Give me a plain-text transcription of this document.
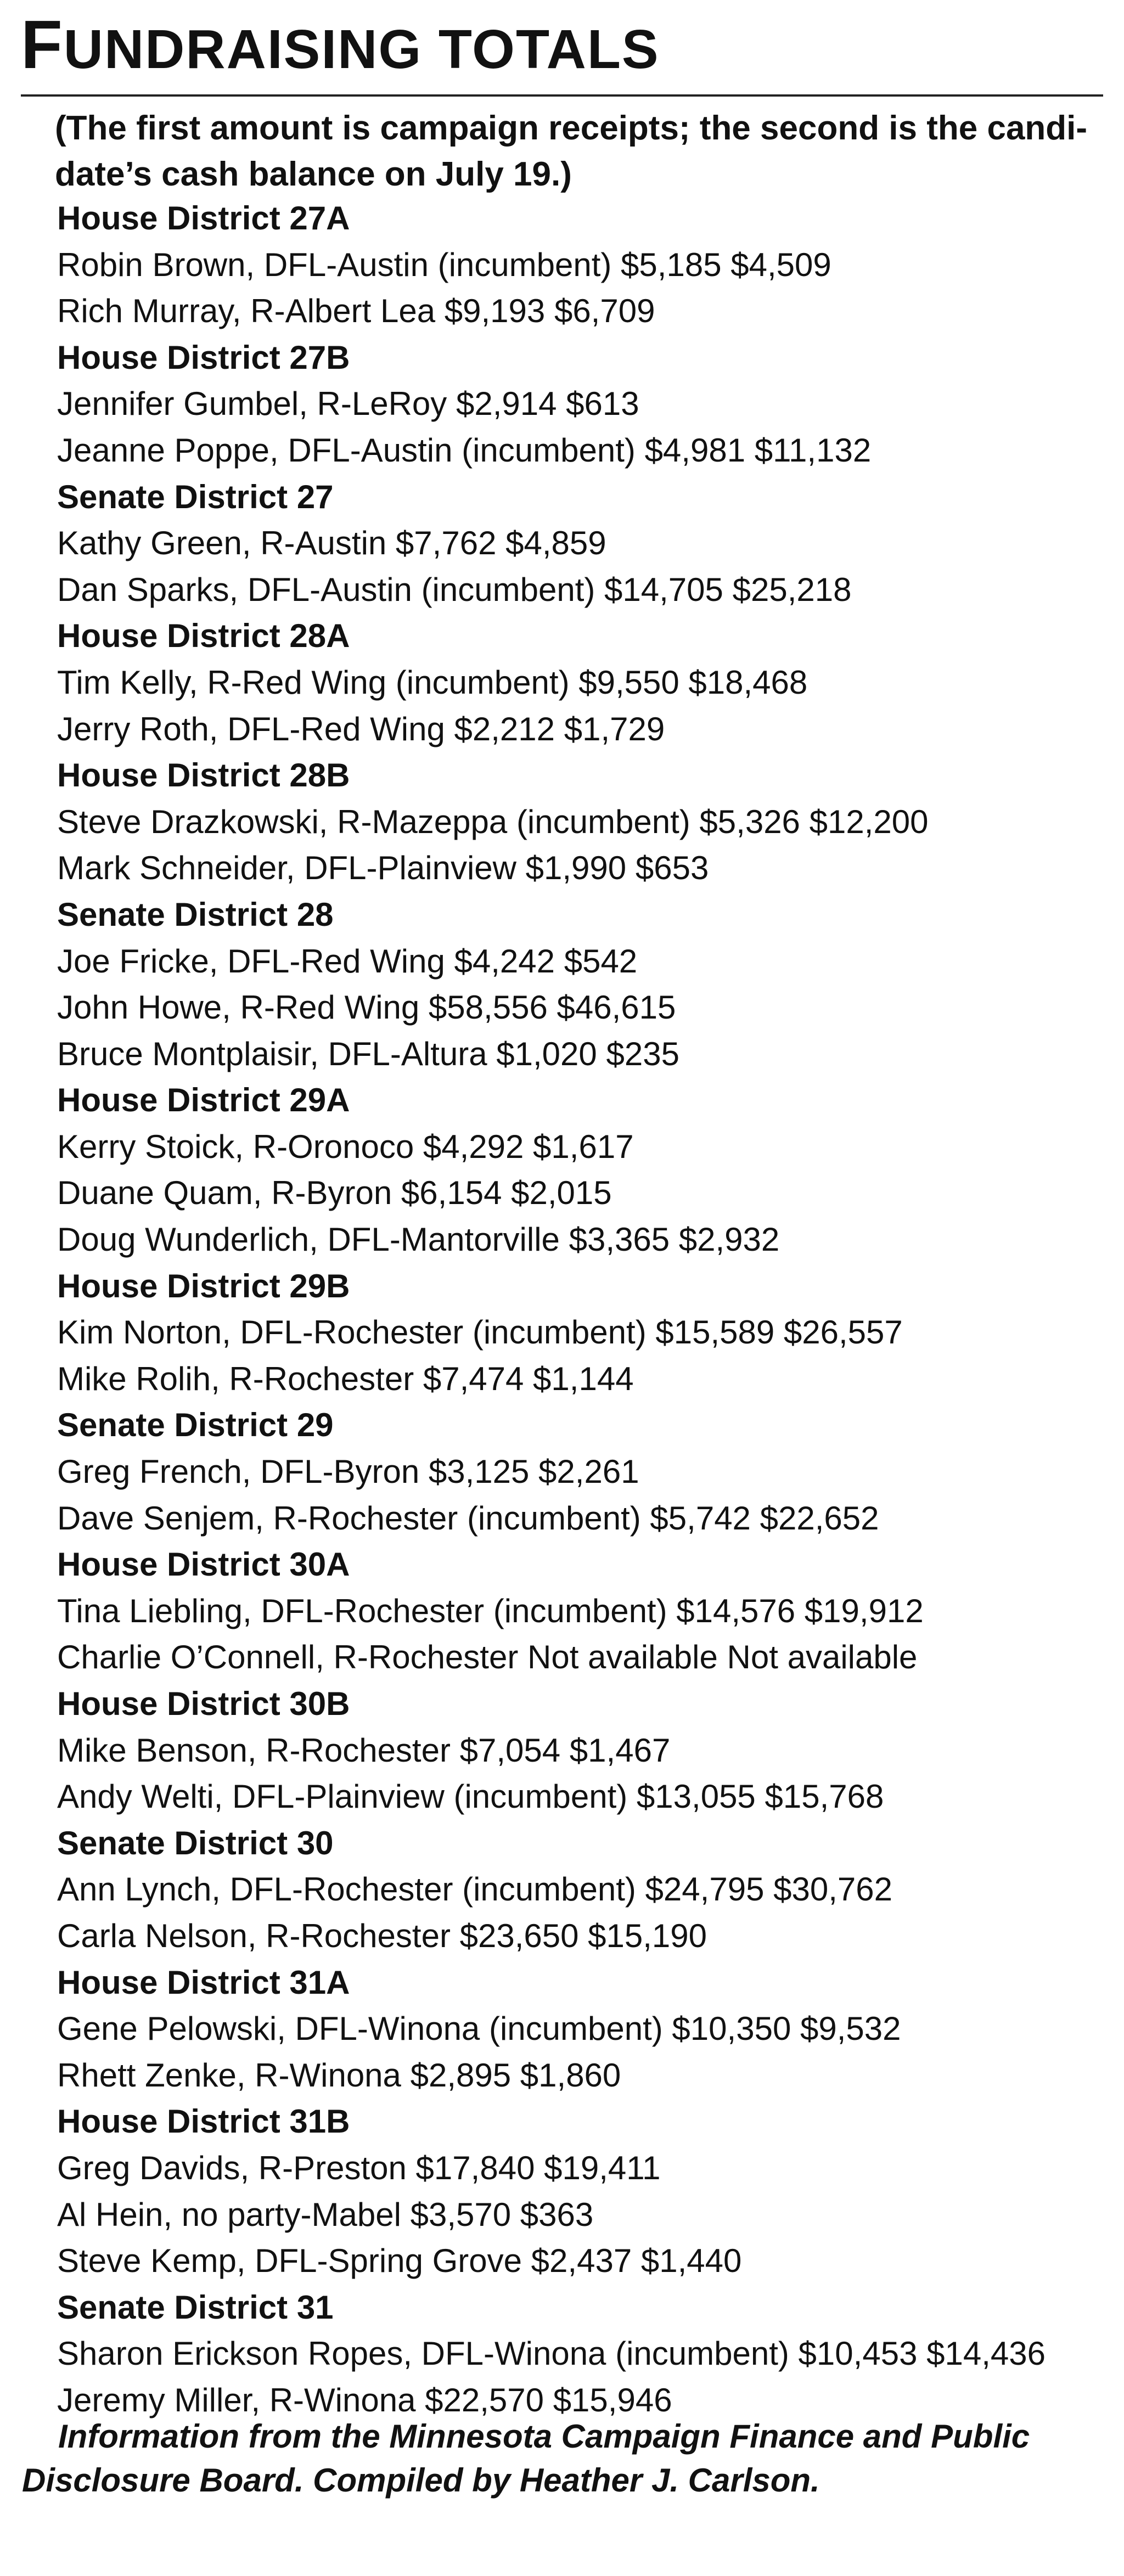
FUNDRAISING TOTALS
(The first amount is campaign receipts; the second is the candi-
date’s cash balance on July 19.)
House District 27A
Robin Brown, DFL-Austin (incumbent) $5,185 $4,509
Rich Murray, R-Albert Lea $9,193 $6,709
House District 27B
Jennifer Gumbel, R-LeRoy $2,914 $613
Jeanne Poppe, DFL-Austin (incumbent) $4,981 $11,132
Senate District 27
Kathy Green, R-Austin $7,762 $4,859
Dan Sparks, DFL-Austin (incumbent) $14,705 $25,218
House District 28A
Tim Kelly, R-Red Wing (incumbent) $9,550 $18,468
Jerry Roth, DFL-Red Wing $2,212 $1,729
House District 28B
Steve Drazkowski, R-Mazeppa (incumbent) $5,326 $12,200
Mark Schneider, DFL-Plainview $1,990 $653
Senate District 28
Joe Fricke, DFL-Red Wing $4,242 $542
John Howe, R-Red Wing $58,556 $46,615
Bruce Montplaisir, DFL-Altura $1,020 $235
House District 29A
Kerry Stoick, R-Oronoco $4,292 $1,617
Duane Quam, R-Byron $6,154 $2,015
Doug Wunderlich, DFL-Mantorville $3,365 $2,932
House District 29B
Kim Norton, DFL-Rochester (incumbent) $15,589 $26,557
Mike Rolih, R-Rochester $7,474 $1,144
Senate District 29
Greg French, DFL-Byron $3,125 $2,261
Dave Senjem, R-Rochester (incumbent) $5,742 $22,652
House District 30A
Tina Liebling, DFL-Rochester (incumbent) $14,576 $19,912
Charlie O’Connell, R-Rochester Not available Not available
House District 30B
Mike Benson, R-Rochester $7,054 $1,467
Andy Welti, DFL-Plainview (incumbent) $13,055 $15,768
Senate District 30
Ann Lynch, DFL-Rochester (incumbent) $24,795 $30,762
Carla Nelson, R-Rochester $23,650 $15,190
House District 31A
Gene Pelowski, DFL-Winona (incumbent) $10,350 $9,532
Rhett Zenke, R-Winona $2,895 $1,860
House District 31B
Greg Davids, R-Preston $17,840 $19,411
Al Hein, no party-Mabel $3,570 $363
Steve Kemp, DFL-Spring Grove $2,437 $1,440
Senate District 31
Sharon Erickson Ropes, DFL-Winona (incumbent) $10,453 $14,436
Jeremy Miller, R-Winona $22,570 $15,946
Information from the Minnesota Campaign Finance and Public
Disclosure Board. Compiled by Heather J. Carlson.
